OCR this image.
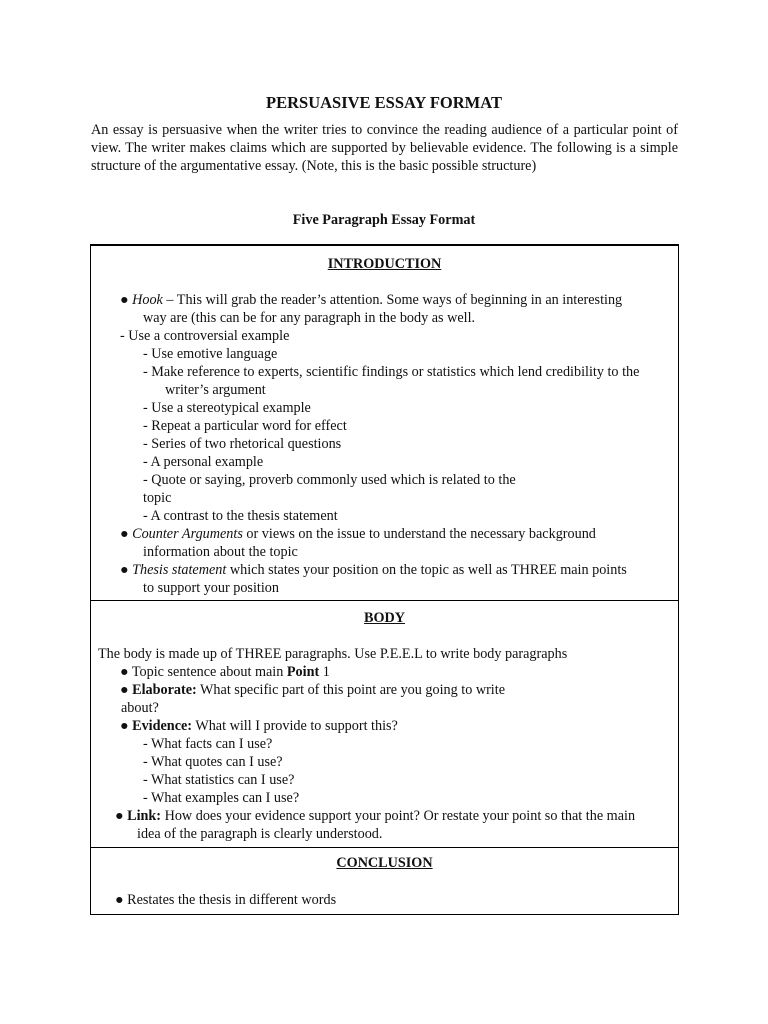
PERSUASIVE ESSAY FORMAT

An essay is persuasive when the writer tries to convince the reading audience of a particular point of view. The writer makes claims which are supported by believable evidence. The following is a simple structure of the argumentative essay. (Note, this is the basic possible structure)

Five Paragraph Essay Format
INTRODUCTION
● Hook – This will grab the reader’s attention. Some ways of beginning in an interesting
way are (this can be for any paragraph in the body as well.
- Use a controversial example
- Use emotive language
- Make reference to experts, scientific findings or statistics which lend credibility to the
writer’s argument
- Use a stereotypical example
- Repeat a particular word for effect
- Series of two rhetorical questions
- A personal example
- Quote or saying, proverb commonly used which is related to the
topic
- A contrast to the thesis statement
● Counter Arguments or views on the issue to understand the necessary background
information about the topic
● Thesis statement which states your position on the topic as well as THREE main points
to support your position
BODY
The body is made up of THREE paragraphs. Use P.E.E.L to write body paragraphs
● Topic sentence about main Point 1
● Elaborate: What specific part of this point are you going to write
about?
● Evidence: What will I provide to support this?
- What facts can I use?
- What quotes can I use?
- What statistics can I use?
- What examples can I use?
● Link: How does your evidence support your point? Or restate your point so that the main
idea of the paragraph is clearly understood.
CONCLUSION
● Restates the thesis in different words
